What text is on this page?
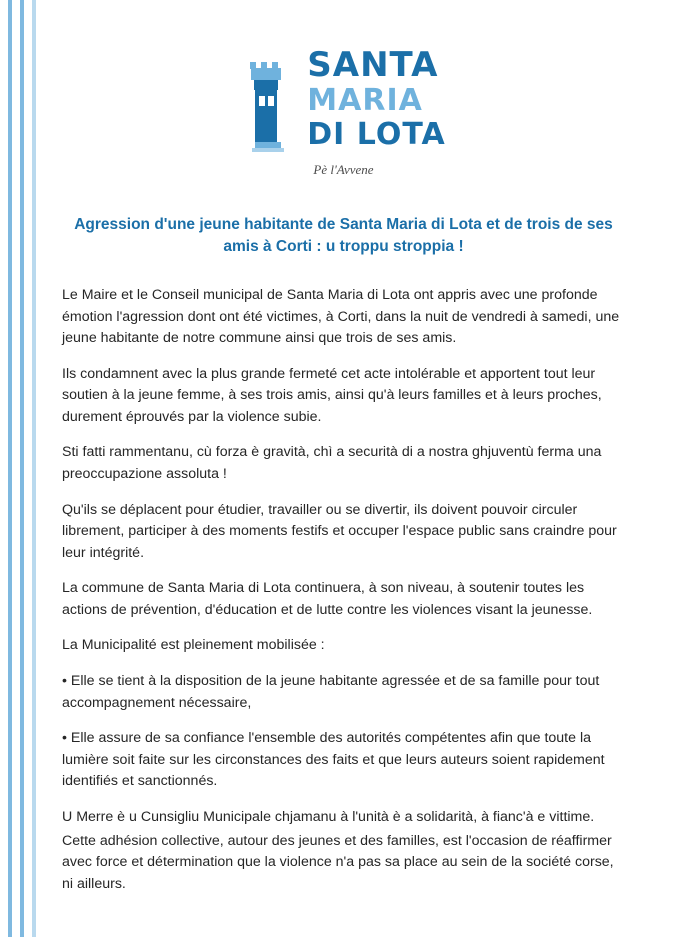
SANTA
MARIA
DI LOTA
Pè l'Avvene
Agression d'une jeune habitante de Santa Maria di Lota et de trois de ses amis à Corti : u troppu stroppia !

Le Maire et le Conseil municipal de Santa Maria di Lota ont appris avec une profonde émotion l'agression dont ont été victimes, à Corti, dans la nuit de vendredi à samedi, une jeune habitante de notre commune ainsi que trois de ses amis.

Ils condamnent avec la plus grande fermeté cet acte intolérable et apportent tout leur soutien à la jeune femme, à ses trois amis, ainsi qu'à leurs familles et à leurs proches, durement éprouvés par la violence subie.

Sti fatti rammentanu, cù forza è gravità, chì a securità di a nostra ghjuventù ferma una preoccupazione assoluta !

Qu'ils se déplacent pour étudier, travailler ou se divertir, ils doivent pouvoir circuler librement, participer à des moments festifs et occuper l'espace public sans craindre pour leur intégrité.

La commune de Santa Maria di Lota continuera, à son niveau, à soutenir toutes les actions de prévention, d'éducation et de lutte contre les violences visant la jeunesse.

La Municipalité est pleinement mobilisée :

• Elle se tient à la disposition de la jeune habitante agressée et de sa famille pour tout accompagnement nécessaire,

• Elle assure de sa confiance l'ensemble des autorités compétentes afin que toute la lumière soit faite sur les circonstances des faits et que leurs auteurs soient rapidement identifiés et sanctionnés.

U Merre è u Cunsigliu Municipale chjamanu à l'unità è a solidarità, à fianc'à e vittime.

Cette adhésion collective, autour des jeunes et des familles, est l'occasion de réaffirmer avec force et détermination que la violence n'a pas sa place au sein de la société corse, ni ailleurs.
